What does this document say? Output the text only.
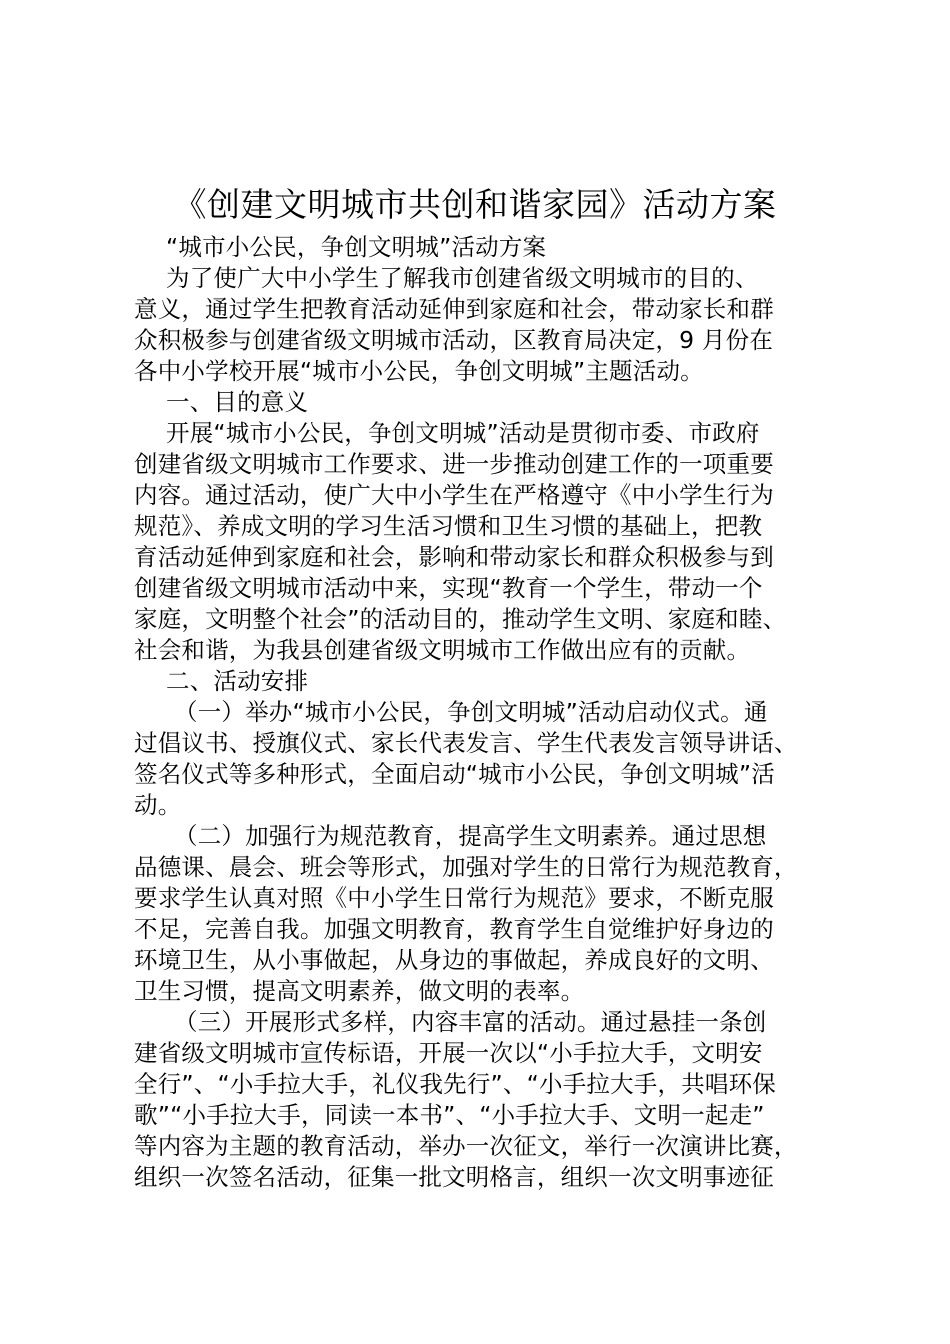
《创建文明城市共创和谐家园》活动方案
“城市小公民，争创文明城”活动方案
为了使广大中小学生了解我市创建省级文明城市的目的、
意义，通过学生把教育活动延伸到家庭和社会，带动家长和群
众积极参与创建省级文明城市活动，区教育局决定，9 月份在
各中小学校开展“城市小公民，争创文明城”主题活动。
一、目的意义
开展“城市小公民，争创文明城”活动是贯彻市委、市政府
创建省级文明城市工作要求、进一步推动创建工作的一项重要
内容。通过活动，使广大中小学生在严格遵守《中小学生行为
规范》、养成文明的学习生活习惯和卫生习惯的基础上，把教
育活动延伸到家庭和社会，影响和带动家长和群众积极参与到
创建省级文明城市活动中来，实现“教育一个学生，带动一个
家庭，文明整个社会”的活动目的，推动学生文明、家庭和睦、
社会和谐，为我县创建省级文明城市工作做出应有的贡献。
二、活动安排
（一）举办“城市小公民，争创文明城”活动启动仪式。通
过倡议书、授旗仪式、家长代表发言、学生代表发言领导讲话、
签名仪式等多种形式，全面启动“城市小公民，争创文明城”活
动。
（二）加强行为规范教育，提高学生文明素养。通过思想
品德课、晨会、班会等形式，加强对学生的日常行为规范教育，
要求学生认真对照《中小学生日常行为规范》要求，不断克服
不足，完善自我。加强文明教育，教育学生自觉维护好身边的
环境卫生，从小事做起，从身边的事做起，养成良好的文明、
卫生习惯，提高文明素养，做文明的表率。
（三）开展形式多样，内容丰富的活动。通过悬挂一条创
建省级文明城市宣传标语，开展一次以“小手拉大手，文明安
全行”、“小手拉大手，礼仪我先行”、“小手拉大手，共唱环保
歌”“小手拉大手，同读一本书”、“小手拉大手、文明一起走”
等内容为主题的教育活动，举办一次征文，举行一次演讲比赛，
组织一次签名活动，征集一批文明格言，组织一次文明事迹征
